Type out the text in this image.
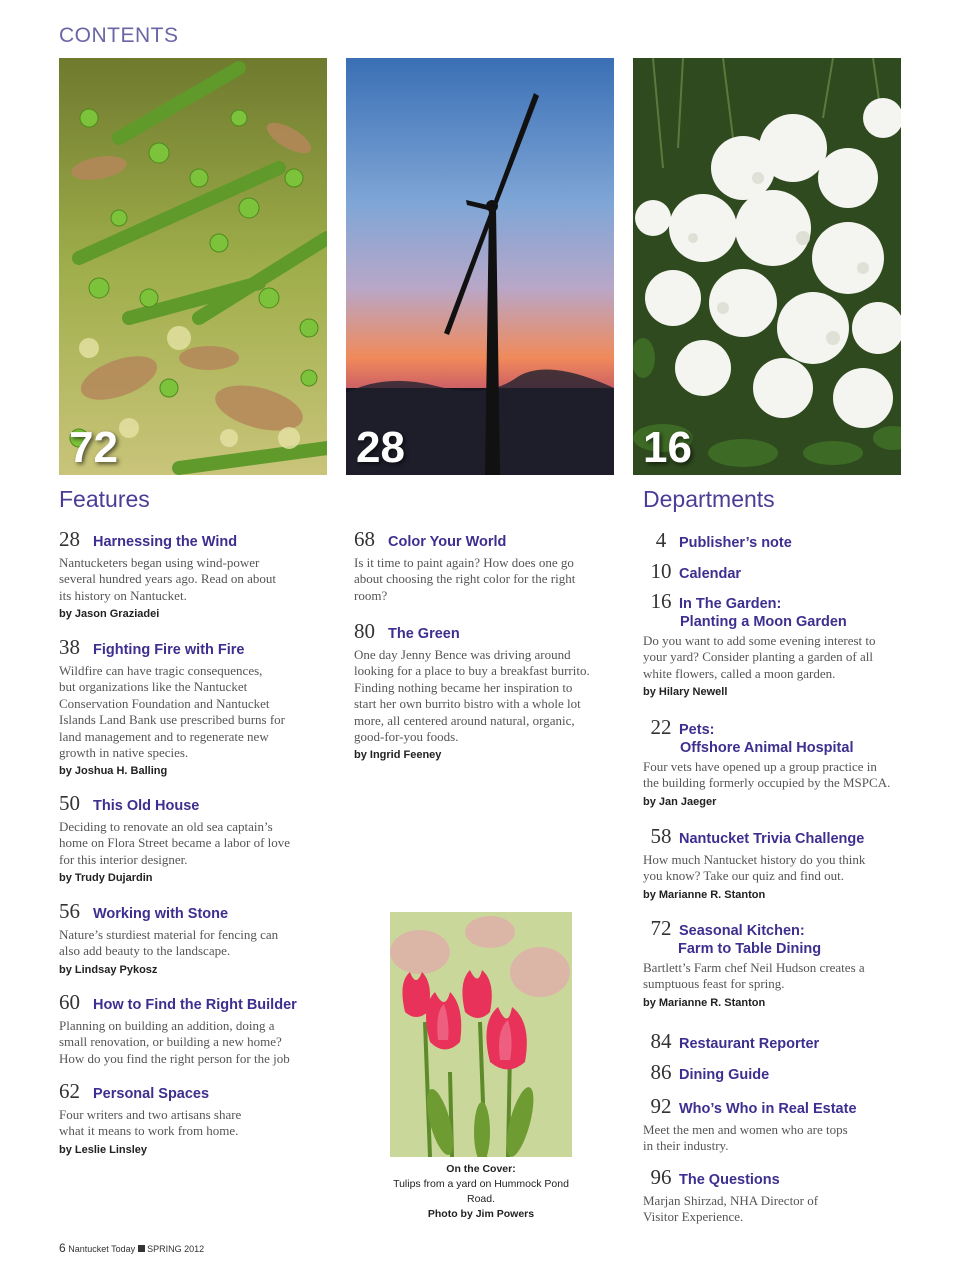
CONTENTS
72	28	16
Features	Departments
28 Harnessing the Wind
Nantucketers began using wind-power
several hundred years ago. Read on about
its history on Nantucket.
by Jason Graziadei
38 Fighting Fire with Fire
Wildfire can have tragic consequences,
but organizations like the Nantucket
Conservation Foundation and Nantucket
Islands Land Bank use prescribed burns for
land management and to regenerate new
growth in native species.
by Joshua H. Balling
50 This Old House
Deciding to renovate an old sea captain’s
home on Flora Street became a labor of love
for this interior designer.
by Trudy Dujardin
56 Working with Stone
Nature’s sturdiest material for fencing can
also add beauty to the landscape.
by Lindsay Pykosz
60 How to Find the Right Builder
Planning on building an addition, doing a
small renovation, or building a new home?
How do you find the right person for the job
62 Personal Spaces
Four writers and two artisans share
what it means to work from home.
by Leslie Linsley
68 Color Your World
Is it time to paint again? How does one go
about choosing the right color for the right
room?
80 The Green
One day Jenny Bence was driving around
looking for a place to buy a breakfast burrito.
Finding nothing became her inspiration to
start her own burrito bistro with a whole lot
more, all centered around natural, organic,
good-for-you foods.
by Ingrid Feeney
On the Cover:
Tulips from a yard on Hummock Pond Road.
Photo by Jim Powers
4 Publisher’s note
10 Calendar
16 In The Garden:
Planting a Moon Garden
Do you want to add some evening interest to
your yard? Consider planting a garden of all
white flowers, called a moon garden.
by Hilary Newell
22 Pets:
Offshore Animal Hospital
Four vets have opened up a group practice in
the building formerly occupied by the MSPCA.
by Jan Jaeger
58 Nantucket Trivia Challenge
How much Nantucket history do you think
you know? Take our quiz and find out.
by Marianne R. Stanton
72 Seasonal Kitchen:
Farm to Table Dining
Bartlett’s Farm chef Neil Hudson creates a
sumptuous feast for spring.
by Marianne R. Stanton
84 Restaurant Reporter
86 Dining Guide
92 Who’s Who in Real Estate
Meet the men and women who are tops
in their industry.
96 The Questions
Marjan Shirzad, NHA Director of
Visitor Experience.
6 Nantucket Today SPRING 2012
